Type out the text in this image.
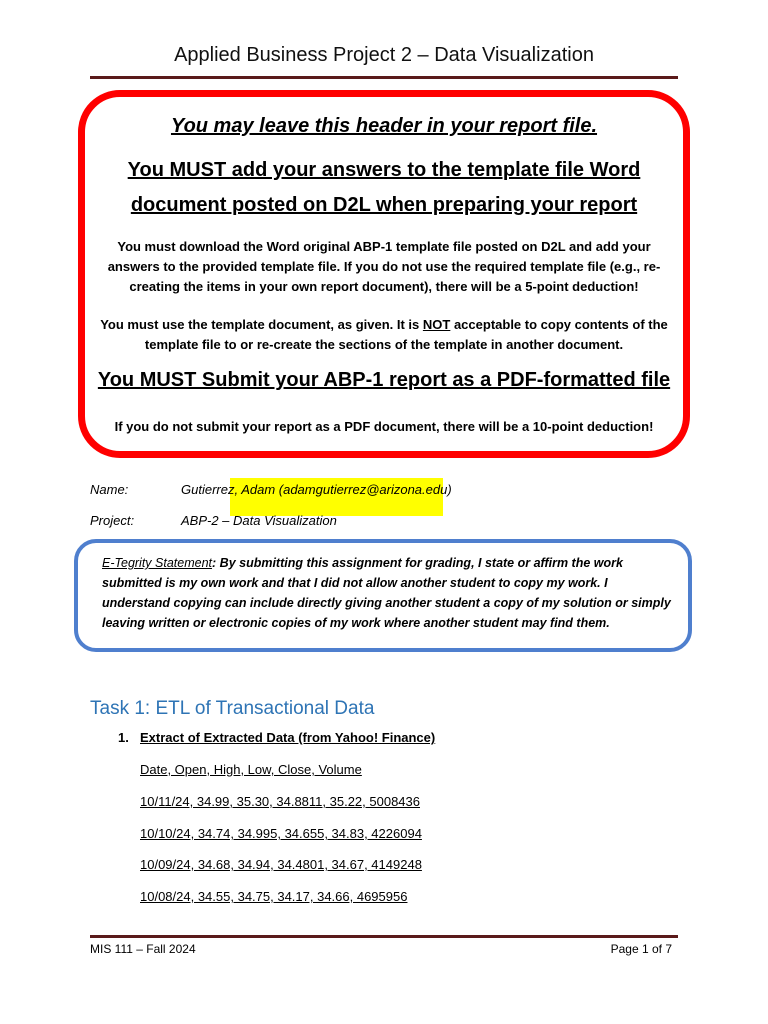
Applied Business Project 2 – Data Visualization
You may leave this header in your report file.
You MUST add your answers to the template file Word document posted on D2L when preparing your report
You must download the Word original ABP-1 template file posted on D2L and add your answers to the provided template file. If you do not use the required template file (e.g., re-creating the items in your own report document), there will be a 5-point deduction!
You must use the template document, as given. It is NOT acceptable to copy contents of the template file to or re-create the sections of the template in another document.
You MUST Submit your ABP-1 report as a PDF-formatted file
If you do not submit your report as a PDF document, there will be a 10-point deduction!
Name:	Gutierrez, Adam (adamgutierrez@arizona.edu)
Project:	ABP-2 – Data Visualization
E-Tegrity Statement: By submitting this assignment for grading, I state or affirm the work submitted is my own work and that I did not allow another student to copy my work. I understand copying can include directly giving another student a copy of my solution or simply leaving written or electronic copies of my work where another student may find them.
Task 1: ETL of Transactional Data
1. Extract of Extracted Data (from Yahoo! Finance)
Date, Open, High, Low, Close, Volume
10/11/24, 34.99, 35.30, 34.8811, 35.22, 5008436
10/10/24, 34.74, 34.995, 34.655, 34.83, 4226094
10/09/24, 34.68, 34.94, 34.4801, 34.67, 4149248
10/08/24, 34.55, 34.75, 34.17, 34.66, 4695956
MIS 111 – Fall 2024	Page 1 of 7
